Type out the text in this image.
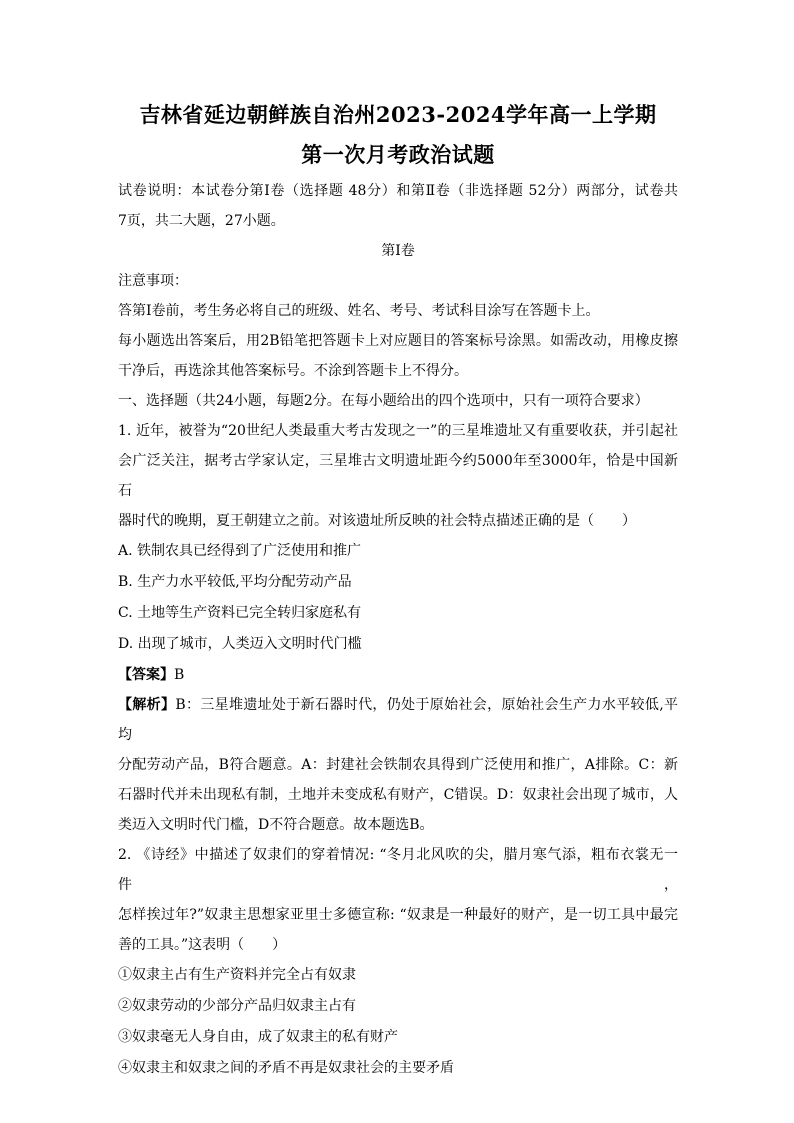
吉林省延边朝鲜族自治州2023-2024学年高一上学期
第一次月考政治试题
试卷说明：本试卷分第Ⅰ卷（选择题 48分）和第Ⅱ卷（非选择题 52分）两部分，试卷共
7页，共二大题，27小题。
第Ⅰ卷
注意事项：
答第Ⅰ卷前，考生务必将自己的班级、姓名、考号、考试科目涂写在答题卡上。
每小题选出答案后，用2B铅笔把答题卡上对应题目的答案标号涂黑。如需改动，用橡皮擦
干净后，再选涂其他答案标号。不涂到答题卡上不得分。
一、选择题（共24小题，每题2分。在每小题给出的四个选项中，只有一项符合要求）
1. 近年，被誉为“20世纪人类最重大考古发现之一”的三星堆遗址又有重要收获，并引起社
会广泛关注，据考古学家认定，三星堆古文明遗址距今约5000年至3000年，恰是中国新石
器时代的晚期，夏王朝建立之前。对该遗址所反映的社会特点描述正确的是（　　）
A. 铁制农具已经得到了广泛使用和推广
B. 生产力水平较低,平均分配劳动产品
C. 土地等生产资料已完全转归家庭私有
D. 出现了城市，人类迈入文明时代门槛
【答案】B
【解析】B：三星堆遗址处于新石器时代，仍处于原始社会，原始社会生产力水平较低,平均
分配劳动产品，B符合题意。A：封建社会铁制农具得到广泛使用和推广，A排除。C：新
石器时代并未出现私有制，土地并未变成私有财产，C错误。D：奴隶社会出现了城市，人
类迈入文明时代门槛，D不符合题意。故本题选B。
2. 《诗经》中描述了奴隶们的穿着情况: “冬月北风吹的尖，腊月寒气添，粗布衣裳无一件，
怎样挨过年?”奴隶主思想家亚里士多德宣称: “奴隶是一种最好的财产，是一切工具中最完
善的工具。”这表明（　　）
①奴隶主占有生产资料并完全占有奴隶
②奴隶劳动的少部分产品归奴隶主占有
③奴隶毫无人身自由，成了奴隶主的私有财产
④奴隶主和奴隶之间的矛盾不再是奴隶社会的主要矛盾
